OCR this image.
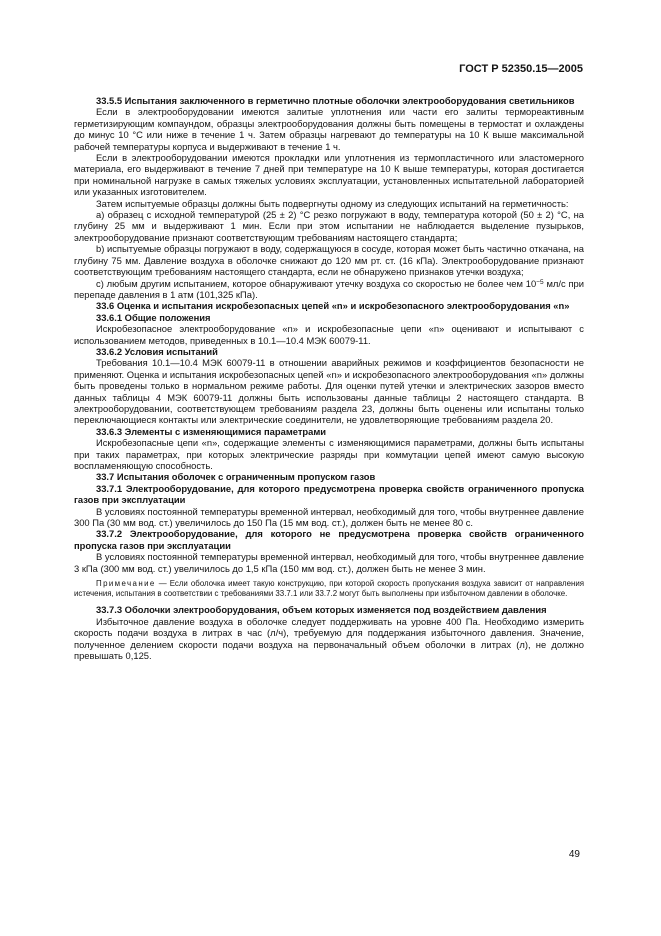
ГОСТ Р 52350.15—2005

33.5.5 Испытания заключенного в герметично плотные оболочки электрооборудования светильников

Если в электрооборудовании имеются залитые уплотнения или части его залиты термореактивным герметизирующим компаундом, образцы электрооборудования должны быть помещены в термостат и охлаждены до минус 10 °С или ниже в течение 1 ч. Затем образцы нагревают до температуры на 10 К выше максимальной рабочей температуры корпуса и выдерживают в течение 1 ч.

Если в электрооборудовании имеются прокладки или уплотнения из термопластичного или эластомерного материала, его выдерживают в течение 7 дней при температуре на 10 К выше температуры, которая достигается при номинальной нагрузке в самых тяжелых условиях эксплуатации, установленных испытательной лабораторией или указанных изготовителем.

Затем испытуемые образцы должны быть подвергнуты одному из следующих испытаний на герметичность:

а) образец с исходной температурой (25 ± 2) °С резко погружают в воду, температура которой (50 ± 2) °С, на глубину 25 мм и выдерживают 1 мин. Если при этом испытании не наблюдается выделение пузырьков, электрооборудование признают соответствующим требованиям настоящего стандарта;

b) испытуемые образцы погружают в воду, содержащуюся в сосуде, которая может быть частично откачана, на глубину 75 мм. Давление воздуха в оболочке снижают до 120 мм рт. ст. (16 кПа). Электрооборудование признают соответствующим требованиям настоящего стандарта, если не обнаружено признаков утечки воздуха;

с) любым другим испытанием, которое обнаруживают утечку воздуха со скоростью не более чем $10^{-5}$ мл/с при перепаде давления в 1 атм (101,325 кПа).

33.6 Оценка и испытания искробезопасных цепей «n» и искробезопасного электрооборудования «n»

33.6.1 Общие положения

Искробезопасное электрооборудование «n» и искробезопасные цепи «n» оценивают и испытывают с использованием методов, приведенных в 10.1—10.4 МЭК 60079-11.

33.6.2 Условия испытаний

Требования 10.1—10.4 МЭК 60079-11 в отношении аварийных режимов и коэффициентов безопасности не применяют. Оценка и испытания искробезопасных цепей «n» и искробезопасного электрооборудования «n» должны быть проведены только в нормальном режиме работы. Для оценки путей утечки и электрических зазоров вместо данных таблицы 4 МЭК 60079-11 должны быть использованы данные таблицы 2 настоящего стандарта. В электрооборудовании, соответствующем требованиям раздела 23, должны быть оценены или испытаны только переключающиеся контакты или электрические соединители, не удовлетворяющие требованиям раздела 20.

33.6.3 Элементы с изменяющимися параметрами

Искробезопасные цепи «n», содержащие элементы с изменяющимися параметрами, должны быть испытаны при таких параметрах, при которых электрические разряды при коммутации цепей имеют самую высокую воспламеняющую способность.

33.7 Испытания оболочек с ограниченным пропуском газов

33.7.1 Электрооборудование, для которого предусмотрена проверка свойств ограниченного пропуска газов при эксплуатации

В условиях постоянной температуры временной интервал, необходимый для того, чтобы внутреннее давление 300 Па (30 мм вод. ст.) увеличилось до 150 Па (15 мм вод. ст.), должен быть не менее 80 с.

33.7.2 Электрооборудование, для которого не предусмотрена проверка свойств ограниченного пропуска газов при эксплуатации

В условиях постоянной температуры временной интервал, необходимый для того, чтобы внутреннее давление 3 кПа (300 мм вод. ст.) увеличилось до 1,5 кПа (150 мм вод. ст.), должен быть не менее 3 мин.

Примечание — Если оболочка имеет такую конструкцию, при которой скорость пропускания воздуха зависит от направления истечения, испытания в соответствии с требованиями 33.7.1 или 33.7.2 могут быть выполнены при избыточном давлении в оболочке.

33.7.3 Оболочки электрооборудования, объем которых изменяется под воздействием давления

Избыточное давление воздуха в оболочке следует поддерживать на уровне 400 Па. Необходимо измерить скорость подачи воздуха в литрах в час (л/ч), требуемую для поддержания избыточного давления. Значение, полученное делением скорости подачи воздуха на первоначальный объем оболочки в литрах (л), не должно превышать 0,125.

49
